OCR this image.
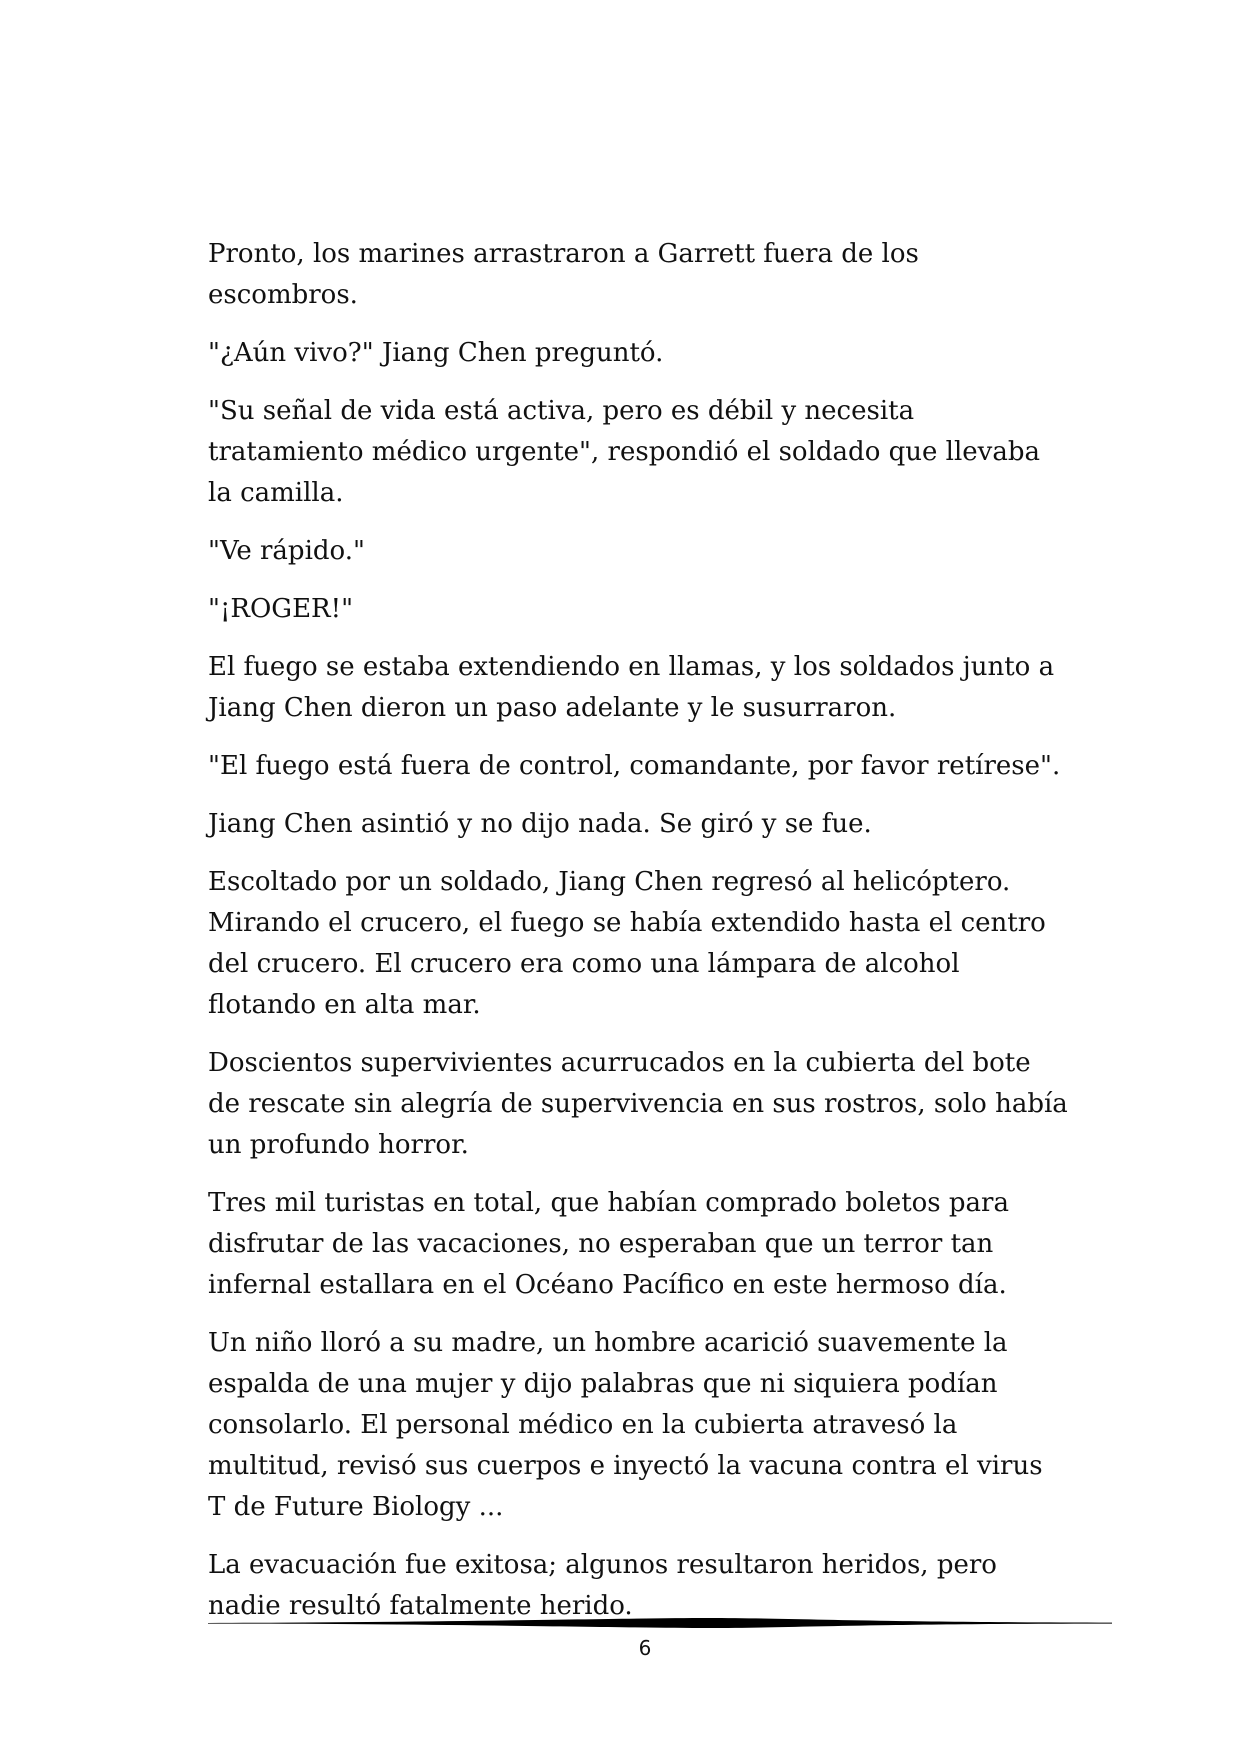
Pronto, los marines arrastraron a Garrett fuera de los escombros.

"¿Aún vivo?" Jiang Chen preguntó.

"Su señal de vida está activa, pero es débil y necesita tratamiento médico urgente", respondió el soldado que llevaba la camilla.

"Ve rápido."

"¡ROGER!"

El fuego se estaba extendiendo en llamas, y los soldados junto a Jiang Chen dieron un paso adelante y le susurraron.

"El fuego está fuera de control, comandante, por favor retírese".

Jiang Chen asintió y no dijo nada. Se giró y se fue.

Escoltado por un soldado, Jiang Chen regresó al helicóptero. Mirando el crucero, el fuego se había extendido hasta el centro del crucero. El crucero era como una lámpara de alcohol flotando en alta mar.

Doscientos supervivientes acurrucados en la cubierta del bote de rescate sin alegría de supervivencia en sus rostros, solo había un profundo horror.

Tres mil turistas en total, que habían comprado boletos para disfrutar de las vacaciones, no esperaban que un terror tan infernal estallara en el Océano Pacífico en este hermoso día.

Un niño lloró a su madre, un hombre acarició suavemente la espalda de una mujer y dijo palabras que ni siquiera podían consolarlo. El personal médico en la cubierta atravesó la multitud, revisó sus cuerpos e inyectó la vacuna contra el virus T de Future Biology ...

La evacuación fue exitosa; algunos resultaron heridos, pero nadie resultó fatalmente herido.

6
